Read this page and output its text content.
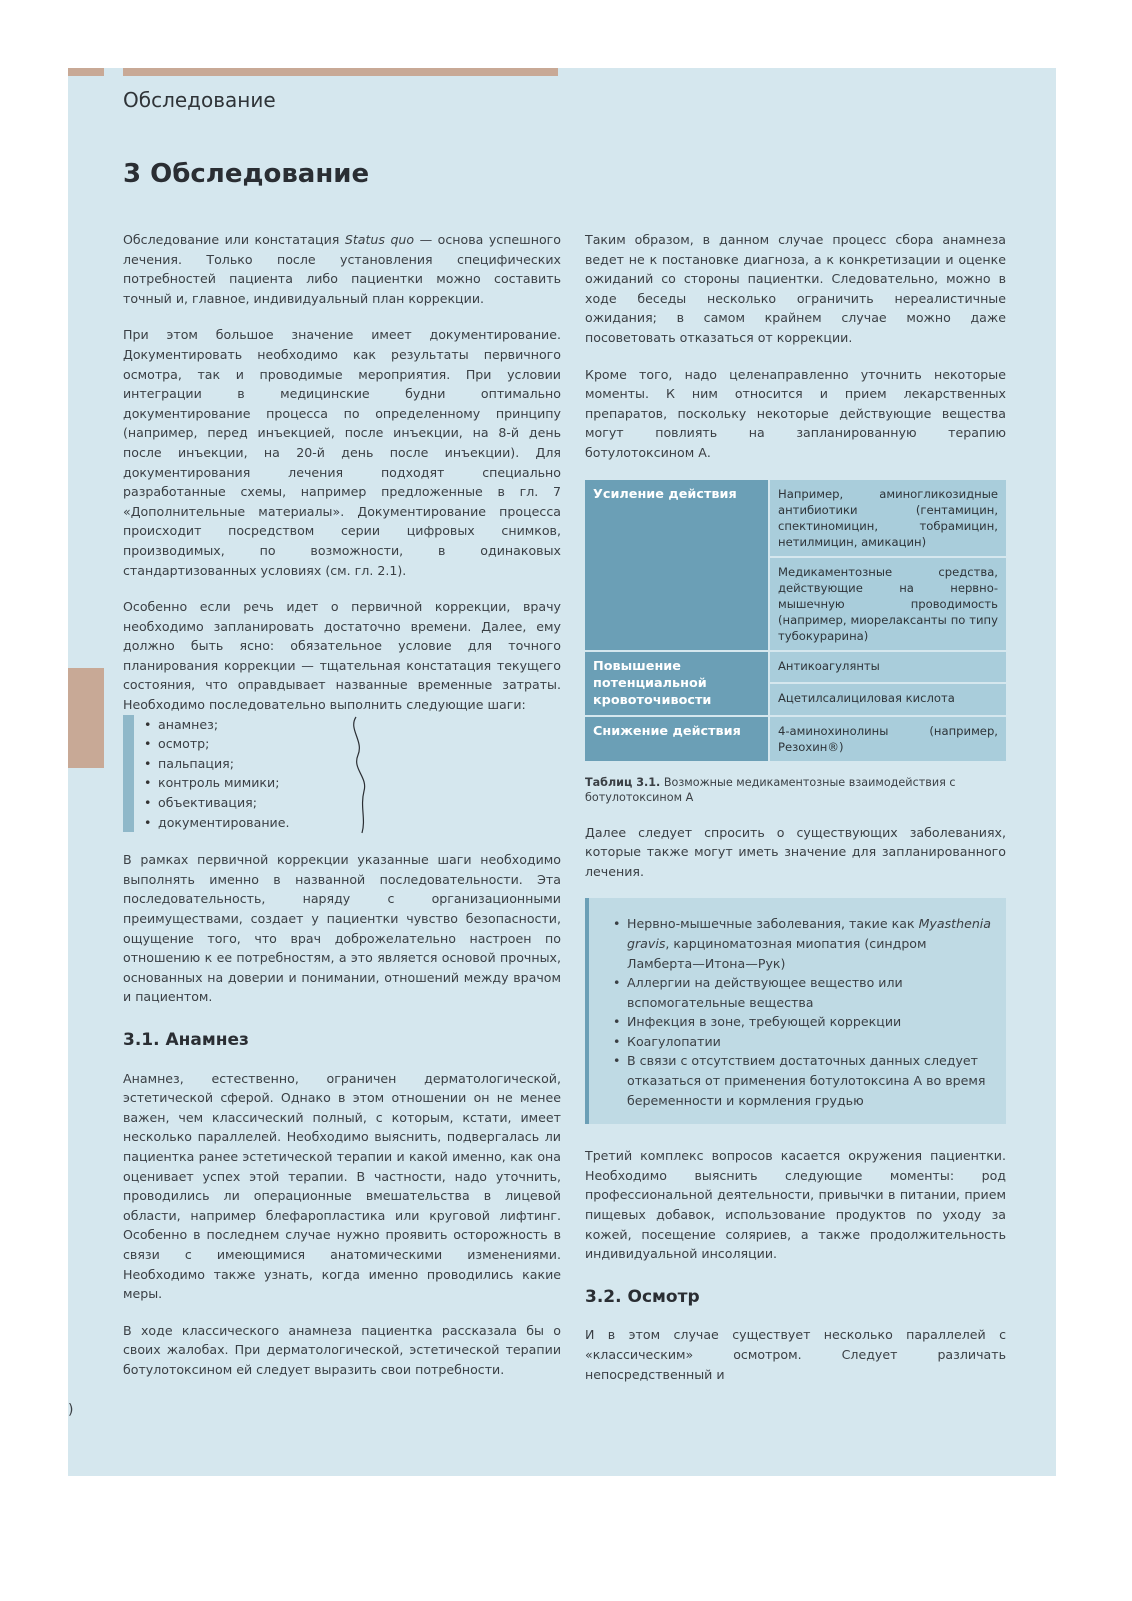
Обследование
3 Обследование

Обследование или констатация Status quo — основа успешного лечения. Только после установления специфических потребностей пациента либо пациентки можно составить точный и, главное, индивидуальный план коррекции.

При этом большое значение имеет документирование. Документировать необходимо как результаты первичного осмотра, так и проводимые мероприятия. При условии интеграции в медицинские будни оптимально документирование процесса по определенному принципу (например, перед инъекцией, после инъекции, на 8-й день после инъекции, на 20-й день после инъекции). Для документирования лечения подходят специально разработанные схемы, например предложенные в гл. 7 «Дополнительные материалы». Документирование процесса происходит посредством серии цифровых снимков, производимых, по возможности, в одинаковых стандартизованных условиях (см. гл. 2.1).

Особенно если речь идет о первичной коррекции, врачу необходимо запланировать достаточно времени. Далее, ему должно быть ясно: обязательное условие для точного планирования коррекции — тщательная констатация текущего состояния, что оправдывает названные временные затраты. Необходимо последовательно выполнить следующие шаги:

• анамнез;
• осмотр;
• пальпация;
• контроль мимики;
• объективация;
• документирование.

В рамках первичной коррекции указанные шаги необходимо выполнять именно в названной последовательности. Эта последовательность, наряду с организационными преимуществами, создает у пациентки чувство безопасности, ощущение того, что врач доброжелательно настроен по отношению к ее потребностям, а это является основой прочных, основанных на доверии и понимании, отношений между врачом и пациентом.

3.1. Анамнез

Анамнез, естественно, ограничен дерматологической, эстетической сферой. Однако в этом отношении он не менее важен, чем классический полный, с которым, кстати, имеет несколько параллелей. Необходимо выяснить, подвергалась ли пациентка ранее эстетической терапии и какой именно, как она оценивает успех этой терапии. В частности, надо уточнить, проводились ли операционные вмешательства в лицевой области, например блефаропластика или круговой лифтинг. Особенно в последнем случае нужно проявить осторожность в связи с имеющимися анатомическими изменениями. Необходимо также узнать, когда именно проводились какие меры.

В ходе классического анамнеза пациентка рассказала бы о своих жалобах. При дерматологической, эстетической терапии ботулотоксином ей следует выразить свои потребности.

Таким образом, в данном случае процесс сбора анамнеза ведет не к постановке диагноза, а к конкретизации и оценке ожиданий со стороны пациентки. Следовательно, можно в ходе беседы несколько ограничить нереалистичные ожидания; в самом крайнем случае можно даже посоветовать отказаться от коррекции.

Кроме того, надо целенаправленно уточнить некоторые моменты. К ним относится и прием лекарственных препаратов, поскольку некоторые действующие вещества могут повлиять на запланированную терапию ботулотоксином А.

Усиление действия	Например, аминогликозидные антибиотики (гентамицин, спектиномицин, тобрамицин, нетилмицин, амикацин)
	Медикаментозные средства, действующие на нервно-мышечную проводимость (например, миорелаксанты по типу тубокурарина)
Повышение потенциальной кровоточивости	Антикоагулянты
	Ацетилсалициловая кислота
Снижение действия	4-аминохинолины (например, Резохин®)
Таблиц 3.1. Возможные медикаментозные взаимодействия с ботулотоксином А

Далее следует спросить о существующих заболеваниях, которые также могут иметь значение для запланированного лечения.

• Нервно-мышечные заболевания, такие как Myasthenia gravis, карциноматозная миопатия (синдром Ламберта—Итона—Рук)
• Аллергии на действующее вещество или вспомогательные вещества
• Инфекция в зоне, требующей коррекции
• Коагулопатии
• В связи с отсутствием достаточных данных следует отказаться от применения ботулотоксина А во время беременности и кормления грудью

Третий комплекс вопросов касается окружения пациентки. Необходимо выяснить следующие моменты: род профессиональной деятельности, привычки в питании, прием пищевых добавок, использование продуктов по уходу за кожей, посещение соляриев, а также продолжительность индивидуальной инсоляции.

3.2. Осмотр

И в этом случае существует несколько параллелей с «классическим» осмотром. Следует различать непосредственный и

)
